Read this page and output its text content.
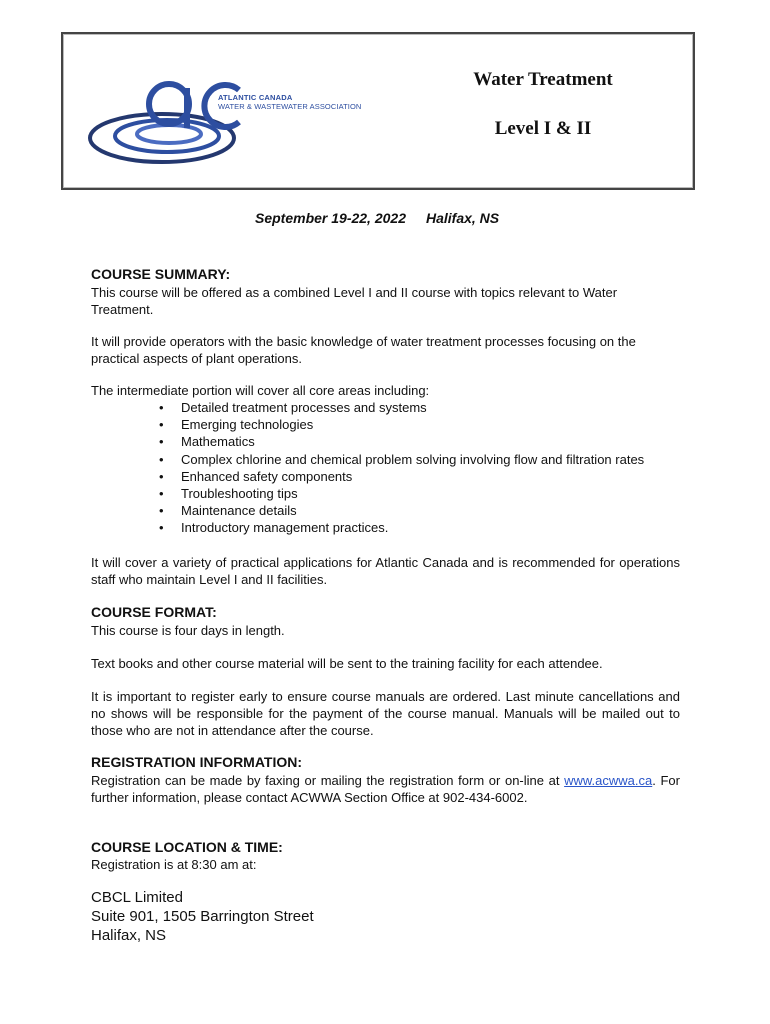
ATLANTIC CANADA
WATER & WASTEWATER ASSOCIATION
Water Treatment
Level I & II
September 19-22, 2022 Halifax, NS
COURSE SUMMARY:

This course will be offered as a combined Level I and II course with topics relevant to Water Treatment.

It will provide operators with the basic knowledge of water treatment processes focusing on the practical aspects of plant operations.

The intermediate portion will cover all core areas including:

• Detailed treatment processes and systems
• Emerging technologies
• Mathematics
• Complex chlorine and chemical problem solving involving flow and filtration rates
• Enhanced safety components
• Troubleshooting tips
• Maintenance details
• Introductory management practices.

It will cover a variety of practical applications for Atlantic Canada and is recommended for operations staff who maintain Level I and II facilities.

COURSE FORMAT:

This course is four days in length.

Text books and other course material will be sent to the training facility for each attendee.

It is important to register early to ensure course manuals are ordered. Last minute cancellations and no shows will be responsible for the payment of the course manual. Manuals will be mailed out to those who are not in attendance after the course.

REGISTRATION INFORMATION:

Registration can be made by faxing or mailing the registration form or on-line at www.acwwa.ca. For further information, please contact ACWWA Section Office at 902-434-6002.

COURSE LOCATION & TIME:

Registration is at 8:30 am at:

CBCL Limited
Suite 901, 1505 Barrington Street
Halifax, NS
